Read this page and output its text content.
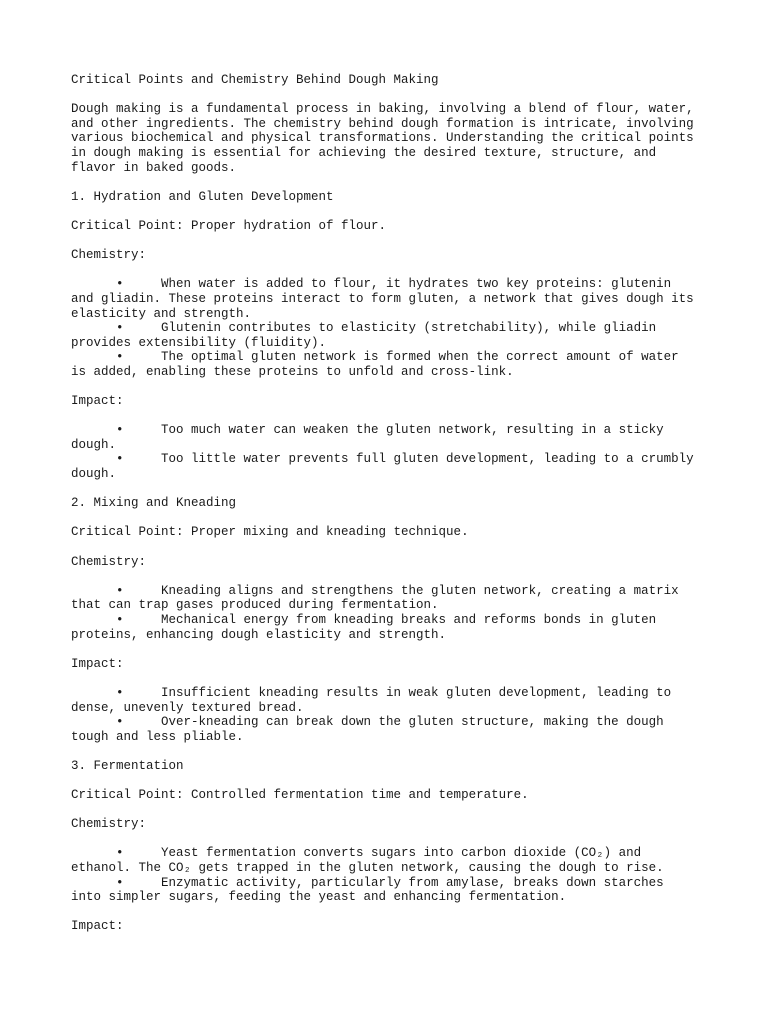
Critical Points and Chemistry Behind Dough Making
Dough making is a fundamental process in baking, involving a blend of flour, water,
and other ingredients. The chemistry behind dough formation is intricate, involving
various biochemical and physical transformations. Understanding the critical points
in dough making is essential for achieving the desired texture, structure, and
flavor in baked goods.
1. Hydration and Gluten Development
Critical Point: Proper hydration of flour.
Chemistry:
•     When water is added to flour, it hydrates two key proteins: glutenin
and gliadin. These proteins interact to form gluten, a network that gives dough its
elasticity and strength.
•     Glutenin contributes to elasticity (stretchability), while gliadin
provides extensibility (fluidity).
•     The optimal gluten network is formed when the correct amount of water
is added, enabling these proteins to unfold and cross-link.
Impact:
•     Too much water can weaken the gluten network, resulting in a sticky
dough.
•     Too little water prevents full gluten development, leading to a crumbly
dough.
2. Mixing and Kneading
Critical Point: Proper mixing and kneading technique.
Chemistry:
•     Kneading aligns and strengthens the gluten network, creating a matrix
that can trap gases produced during fermentation.
•     Mechanical energy from kneading breaks and reforms bonds in gluten
proteins, enhancing dough elasticity and strength.
Impact:
•     Insufficient kneading results in weak gluten development, leading to
dense, unevenly textured bread.
•     Over-kneading can break down the gluten structure, making the dough
tough and less pliable.
3. Fermentation
Critical Point: Controlled fermentation time and temperature.
Chemistry:
•     Yeast fermentation converts sugars into carbon dioxide (CO₂) and
ethanol. The CO₂ gets trapped in the gluten network, causing the dough to rise.
•     Enzymatic activity, particularly from amylase, breaks down starches
into simpler sugars, feeding the yeast and enhancing fermentation.
Impact:
